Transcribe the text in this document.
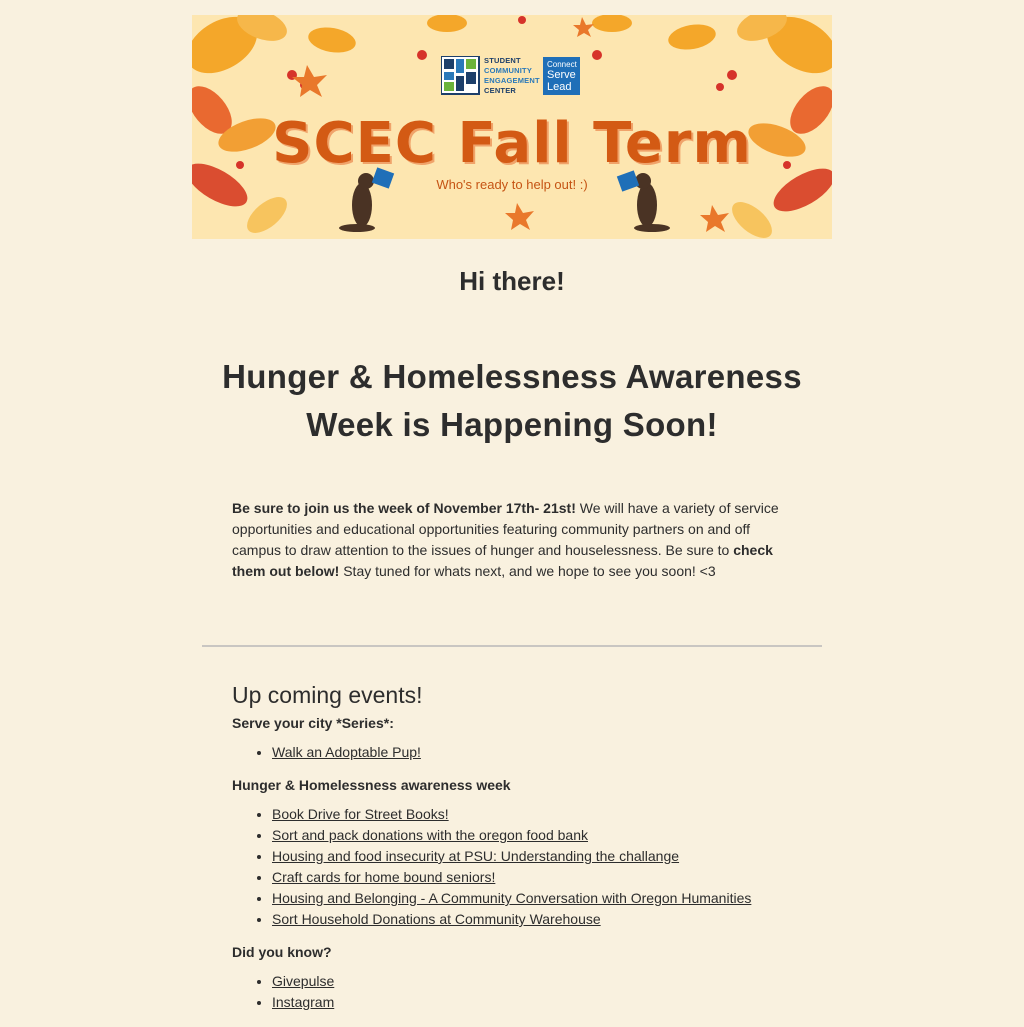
STUDENT
COMMUNITY
ENGAGEMENT
CENTER
Connect
Serve
Lead
SCEC Fall Term
Who's ready to help out! :)
Hi there!
Hunger & Homelessness Awareness Week is Happening Soon!

Be sure to join us the week of November 17th- 21st! We will have a variety of service opportunities and educational opportunities featuring community partners on and off campus to draw attention to the issues of hunger and houselessness. Be sure to check them out below! Stay tuned for whats next, and we hope to see you soon! <3

Up coming events!
Serve your city *Series*:
• Walk an Adoptable Pup!
Hunger & Homelessness awareness week
• Book Drive for Street Books!
• Sort and pack donations with the oregon food bank
• Housing and food insecurity at PSU: Understanding the challange
• Craft cards for home bound seniors!
• Housing and Belonging - A Community Conversation with Oregon Humanities
• Sort Household Donations at Community Warehouse
Did you know?
• Givepulse
• Instagram
